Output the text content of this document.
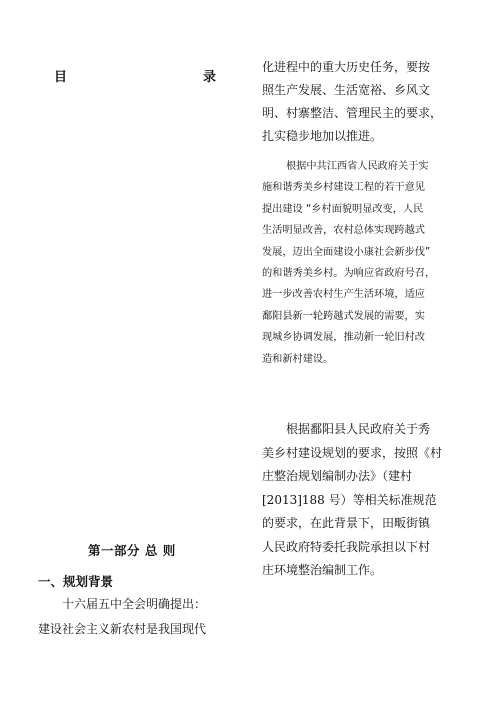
目	录
第一部分 总 则
一、规划背景
十六届五中全会明确提出：
建设社会主义新农村是我国现代
化进程中的重大历史任务，要按
照生产发展、生活宽裕、乡风文
明、村寨整洁、管理民主的要求，
扎实稳步地加以推进。
根据中共江西省人民政府关于实
施和谐秀美乡村建设工程的若干意见
提出建设 “乡村面貌明显改变，人民
生活明显改善，农村总体实现跨越式
发展，迈出全面建设小康社会新步伐”
的和谐秀美乡村。为响应省政府号召，
进一步改善农村生产生活环境，适应
鄱阳县新一轮跨越式发展的需要，实
现城乡协调发展，推动新一轮旧村改
造和新村建设。
根据鄱阳县人民政府关于秀
美乡村建设规划的要求，按照《村
庄整治规划编制办法》（建村
[2013]188 号）等相关标准规范
的要求，在此背景下，田畈街镇
人民政府特委托我院承担以下村
庄环境整治编制工作。
